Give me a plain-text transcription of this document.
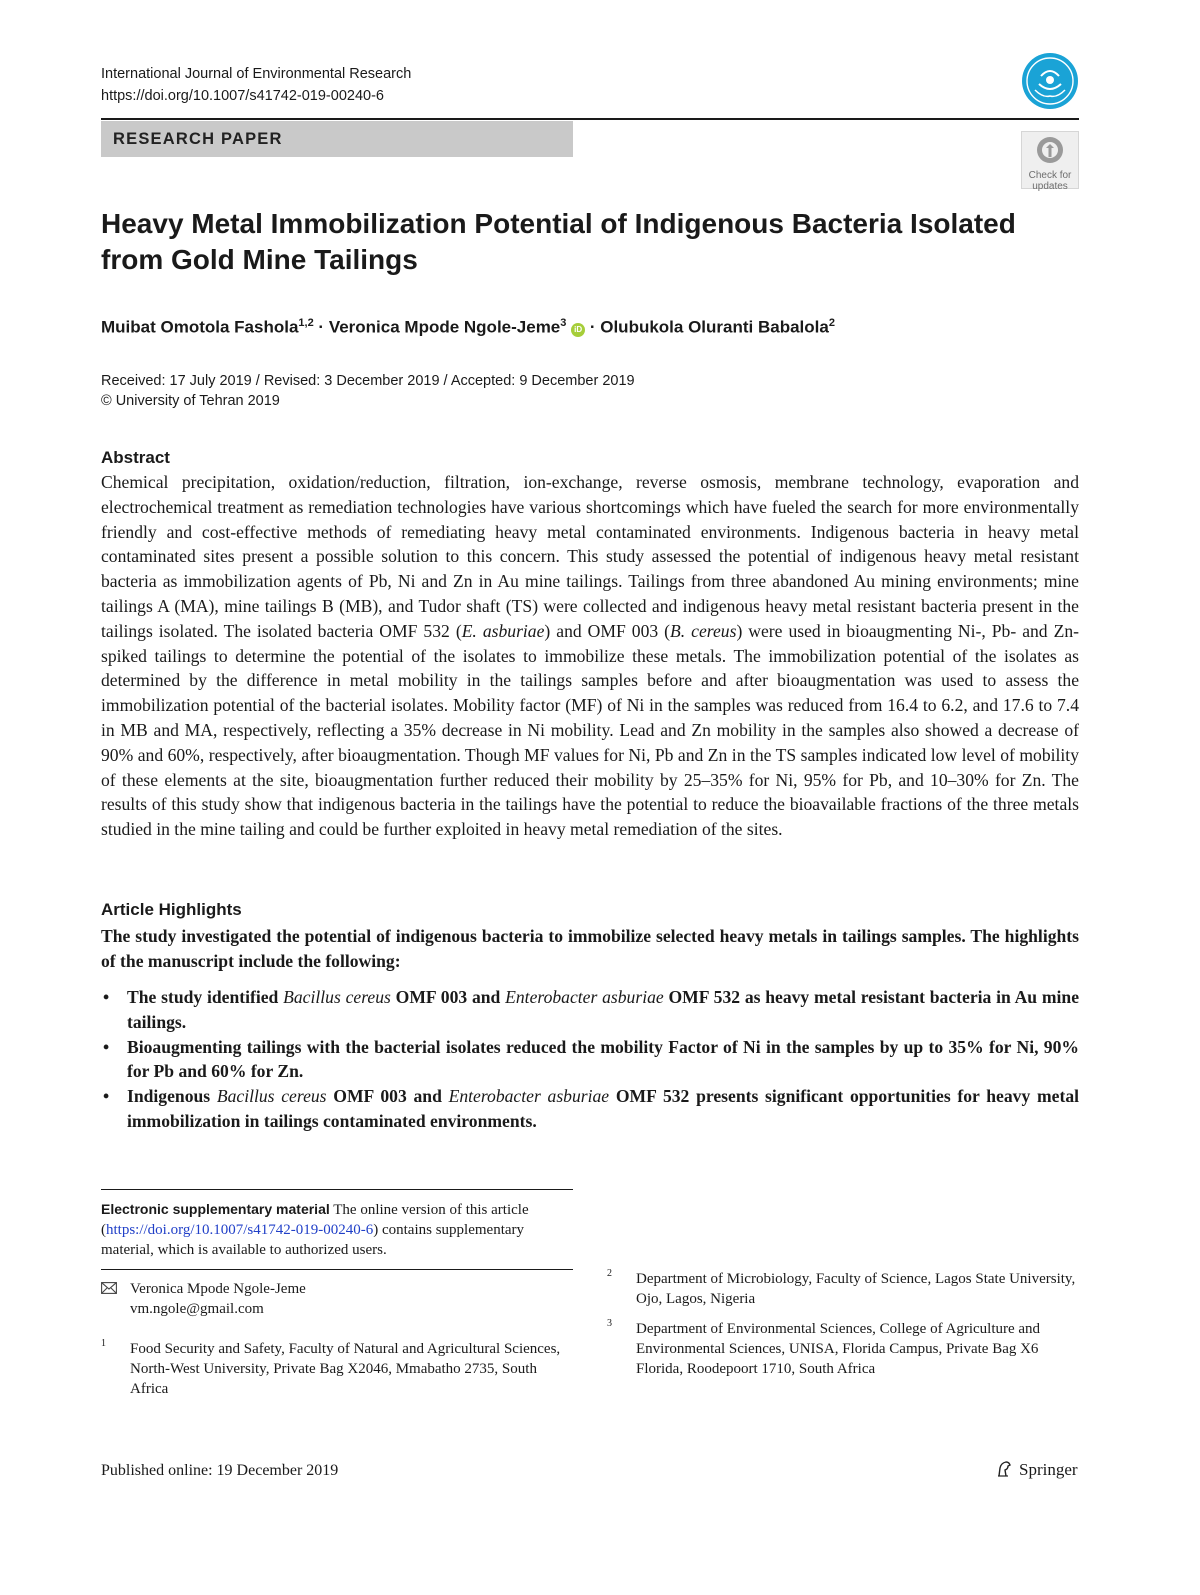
International Journal of Environmental Research
https://doi.org/10.1007/s41742-019-00240-6
RESEARCH PAPER
Check for
updates
Heavy Metal Immobilization Potential of Indigenous Bacteria Isolated
from Gold Mine Tailings
Muibat Omotola Fashola$^{1,2}$ · Veronica Mpode Ngole-Jeme$^3$ iD · Olubukola Oluranti Babalola$^2$
Received: 17 July 2019 / Revised: 3 December 2019 / Accepted: 9 December 2019
© University of Tehran 2019
Abstract

Chemical precipitation, oxidation/reduction, filtration, ion-exchange, reverse osmosis, membrane technology, evaporation and electrochemical treatment as remediation technologies have various shortcomings which have fueled the search for more environmentally friendly and cost-effective methods of remediating heavy metal contaminated environments. Indigenous bacteria in heavy metal contaminated sites present a possible solution to this concern. This study assessed the potential of indigenous heavy metal resistant bacteria as immobilization agents of Pb, Ni and Zn in Au mine tailings. Tailings from three abandoned Au mining environments; mine tailings A (MA), mine tailings B (MB), and Tudor shaft (TS) were collected and indigenous heavy metal resistant bacteria present in the tailings isolated. The isolated bacteria OMF 532 (E. asburiae) and OMF 003 (B. cereus) were used in bioaugmenting Ni-, Pb- and Zn-spiked tailings to determine the potential of the isolates to immobilize these metals. The immobilization potential of the isolates as determined by the difference in metal mobility in the tailings samples before and after bioaugmentation was used to assess the immobilization potential of the bacterial isolates. Mobility factor (MF) of Ni in the samples was reduced from 16.4 to 6.2, and 17.6 to 7.4 in MB and MA, respectively, reflecting a 35% decrease in Ni mobility. Lead and Zn mobility in the samples also showed a decrease of 90% and 60%, respectively, after bioaugmentation. Though MF values for Ni, Pb and Zn in the TS samples indicated low level of mobility of these elements at the site, bioaugmentation further reduced their mobility by 25–35% for Ni, 95% for Pb, and 10–30% for Zn. The results of this study show that indigenous bacteria in the tailings have the potential to reduce the bioavailable fractions of the three metals studied in the mine tailing and could be further exploited in heavy metal remediation of the sites.

Article Highlights

The study investigated the potential of indigenous bacteria to immobilize selected heavy metals in tailings samples. The highlights of the manuscript include the following:

• The study identified Bacillus cereus OMF 003 and Enterobacter asburiae OMF 532 as heavy metal resistant bacteria in Au mine tailings.
• Bioaugmenting tailings with the bacterial isolates reduced the mobility Factor of Ni in the samples by up to 35% for Ni, 90% for Pb and 60% for Zn.
• Indigenous Bacillus cereus OMF 003 and Enterobacter asburiae OMF 532 presents significant opportunities for heavy metal immobilization in tailings contaminated environments.
Electronic supplementary material The online version of this article (https://doi.org/10.1007/s41742-019-00240-6) contains supplementary material, which is available to authorized users.
Veronica Mpode Ngole-Jeme
vm.ngole@gmail.com
1 Food Security and Safety, Faculty of Natural and Agricultural Sciences, North-West University, Private Bag X2046, Mmabatho 2735, South Africa
2 Department of Microbiology, Faculty of Science, Lagos State University, Ojo, Lagos, Nigeria
3 Department of Environmental Sciences, College of Agriculture and Environmental Sciences, UNISA, Florida Campus, Private Bag X6 Florida, Roodepoort 1710, South Africa
Published online: 19 December 2019	Springer
